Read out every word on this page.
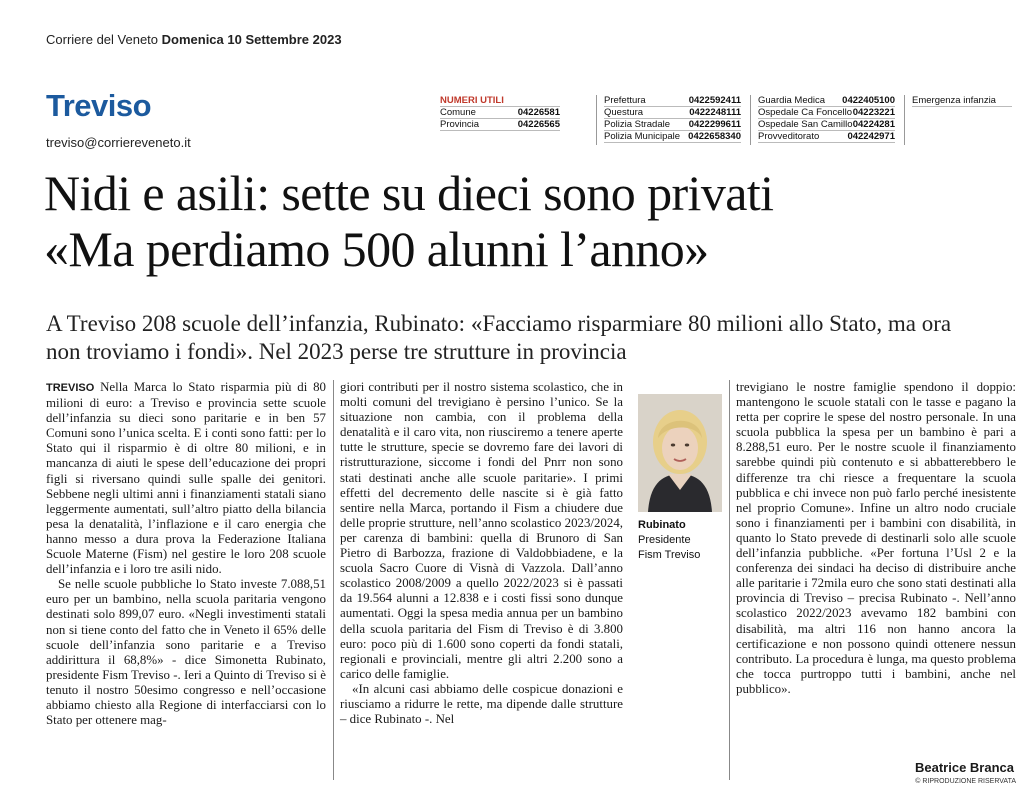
Corriere del Veneto Domenica 10 Settembre 2023
Treviso
treviso@corriereveneto.it
NUMERI UTILI
Comune	04226581
Provincia	04226565
Prefettura	0422592411
Questura	0422248111
Polizia Stradale 0422299611
Polizia Municipale 0422658340
Guardia Medica 0422405100
Ospedale Ca Foncello 04223221
Ospedale San Camillo 04224281
Provveditorato	042242971
Emergenza infanzia
Nidi e asili: sette su dieci sono privati
«Ma perdiamo 500 alunni l’anno»

A Treviso 208 scuole dell’infanzia, Rubinato: «Facciamo risparmiare 80 milioni allo Stato, ma ora non troviamo i fondi». Nel 2023 perse tre strutture in provincia

TREVISO Nella Marca lo Stato risparmia più di 80 milioni di euro: a Treviso e provincia sette scuole dell’infanzia su dieci sono paritarie e in ben 57 Comuni sono l’unica scelta. E i conti sono fatti: per lo Stato qui il risparmio è di oltre 80 milioni, e in mancanza di aiuti le spese dell’educazione dei propri figli si riversano quindi sulle spalle dei genitori. Sebbene negli ultimi anni i finanziamenti statali siano leggermente aumentati, sull’altro piatto della bilancia pesa la denatalità, l’inflazione e il caro energia che hanno messo a dura prova la Federazione Italiana Scuole Materne (Fism) nel gestire le loro 208 scuole dell’infanzia e i loro tre asili nido.

Se nelle scuole pubbliche lo Stato investe 7.088,51 euro per un bambino, nella scuola paritaria vengono destinati solo 899,07 euro. «Negli investimenti statali non si tiene conto del fatto che in Veneto il 65% delle scuole dell’infanzia sono paritarie e a Treviso addirittura il 68,8%» - dice Simonetta Rubinato, presidente Fism Treviso -. Ieri a Quinto di Treviso si è tenuto il nostro 50esimo congresso e nell’occasione abbiamo chiesto alla Regione di interfacciarsi con lo Stato per ottenere mag-

giori contributi per il nostro sistema scolastico, che in molti comuni del trevigiano è persino l’unico. Se la situazione non cambia, con il problema della denatalità e il caro vita, non riusciremo a tenere aperte tutte le strutture, specie se dovremo fare dei lavori di ristrutturazione, siccome i fondi del Pnrr non sono stati destinati anche alle scuole paritarie». I primi effetti del decremento delle nascite si è già fatto sentire nella Marca, portando il Fism a chiudere due delle proprie strutture, nell’anno scolastico 2023/2024, per carenza di bambini: quella di Brunoro di San Pietro di Barbozza, frazione di Valdobbiadene, e la scuola Sacro Cuore di Visnà di Vazzola. Dall’anno scolastico 2008/2009 a quello 2022/2023 si è passati da 19.564 alunni a 12.838 e i costi fissi sono dunque aumentati. Oggi la spesa media annua per un bambino della scuola paritaria del Fism di Treviso è di 3.800 euro: poco più di 1.600 sono coperti da fondi statali, regionali e provinciali, mentre gli altri 2.200 sono a carico delle famiglie.

«In alcuni casi abbiamo delle cospicue donazioni e riusciamo a ridurre le rette, ma dipende dalle strutture – dice Rubinato -. Nel

Rubinato
Presidente
Fism Treviso

trevigiano le nostre famiglie spendono il doppio: mantengono le scuole statali con le tasse e pagano la retta per coprire le spese del nostro personale. In una scuola pubblica la spesa per un bambino è pari a 8.288,51 euro. Per le nostre scuole il finanziamento sarebbe quindi più contenuto e si abbatterebbero le differenze tra chi riesce a frequentare la scuola pubblica e chi invece non può farlo perché inesistente nel proprio Comune». Infine un altro nodo cruciale sono i finanziamenti per i bambini con disabilità, in quanto lo Stato prevede di destinarli solo alle scuole dell’infanzia pubbliche. «Per fortuna l’Usl 2 e la conferenza dei sindaci ha deciso di distribuire anche alle paritarie i 72mila euro che sono stati destinati alla provincia di Treviso – precisa Rubinato -. Nell’anno scolastico 2022/2023 avevamo 182 bambini con disabilità, ma altri 116 non hanno ancora la certificazione e non possono quindi ottenere nessun contributo. La procedura è lunga, ma questo problema che tocca purtroppo tutti i bambini, anche nel pubblico».

Beatrice Branca
© RIPRODUZIONE RISERVATA
